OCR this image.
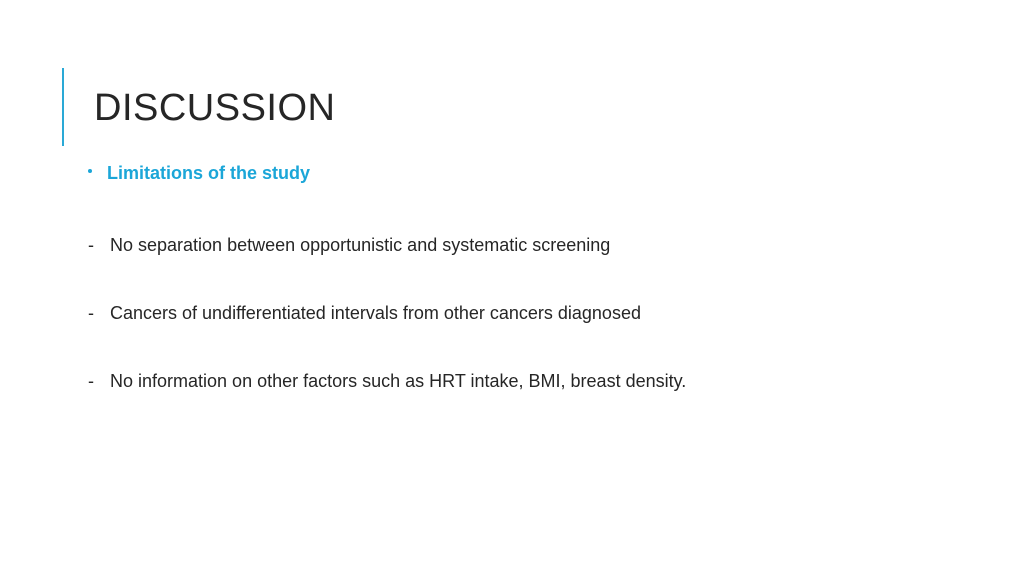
DISCUSSION
Limitations of the study
- No separation between opportunistic and systematic screening
- Cancers of undifferentiated intervals from other cancers diagnosed
- No information on other factors such as HRT intake, BMI, breast density.
